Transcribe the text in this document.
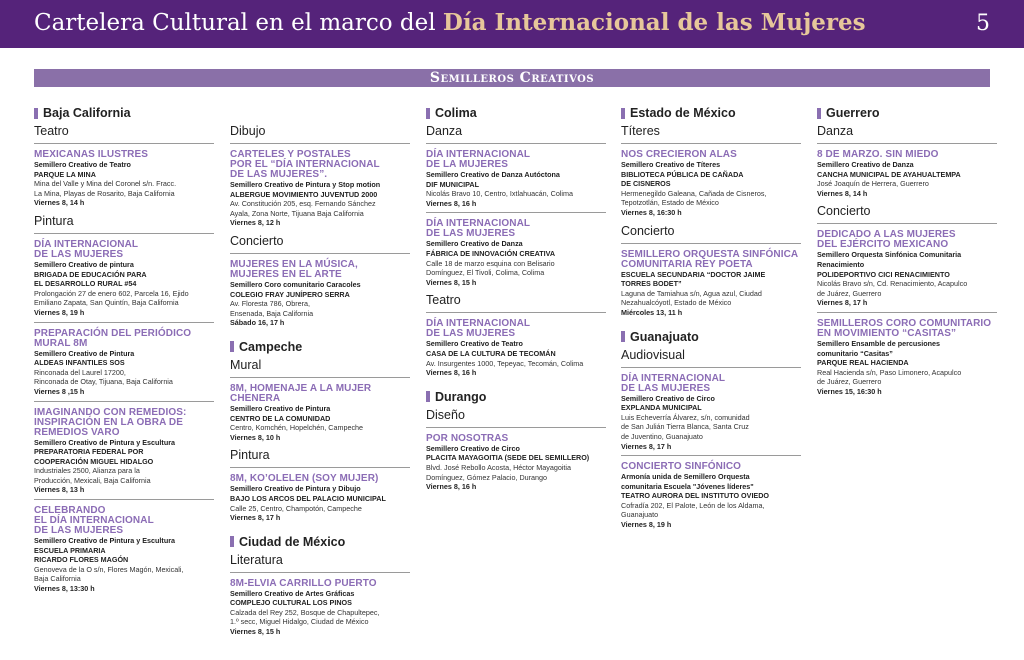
Cartelera Cultural en el marco del Día Internacional de las Mujeres	5
Semilleros Creativos
Baja California
Teatro
MEXICANAS ILUSTRES
Semillero Creativo de Teatro
PARQUE LA MINA
Mina del Valle y Mina del Coronel s/n. Fracc.
La Mina, Playas de Rosarito, Baja California
Viernes 8, 14 h
Pintura
DÍA INTERNACIONAL
DE LAS MUJERES
Semillero Creativo de pintura
BRIGADA DE EDUCACIÓN PARA
EL DESARROLLO RURAL #54
Prolongación 27 de enero 602, Parcela 16, Ejido
Emiliano Zapata, San Quintín, Baja California
Viernes 8, 19 h
PREPARACIÓN DEL PERIÓDICO
MURAL 8M
Semillero Creativo de Pintura
ALDEAS INFANTILES SOS
Rinconada del Laurel 17200,
Rinconada de Otay, Tijuana, Baja California
Viernes 8 ,15 h
IMAGINANDO CON REMEDIOS:
INSPIRACIÓN EN LA OBRA DE
REMEDIOS VARO
Semillero Creativo de Pintura y Escultura
PREPARATORIA FEDERAL POR
COOPERACIÓN MIGUEL HIDALGO
Industriales 2500, Alianza para la
Producción, Mexicali, Baja California
Viernes 8, 13 h
CELEBRANDO
EL DÍA INTERNACIONAL
DE LAS MUJERES
Semillero Creativo de Pintura y Escultura
ESCUELA PRIMARIA
RICARDO FLORES MAGÓN
Genoveva de la O s/n, Flores Magón, Mexicali,
Baja California
Viernes 8, 13:30 h
Dibujo
CARTELES Y POSTALES
POR EL “DÍA INTERNACIONAL
DE LAS MUJERES”.
Semillero Creativo de Pintura y Stop motion
ALBERGUE MOVIMIENTO JUVENTUD 2000
Av. Constitución 205, esq. Fernando Sánchez
Ayala, Zona Norte, Tijuana Baja California
Viernes 8, 12 h
Concierto
MUJERES EN LA MÚSICA,
MUJERES EN EL ARTE
Semillero Coro comunitario Caracoles
COLEGIO FRAY JUNÍPERO SERRA
Av. Floresta 786, Obrera,
Ensenada, Baja California
Sábado 16, 17 h
Campeche
Mural
8M, HOMENAJE A LA MUJER
CHENERA
Semillero Creativo de Pintura
CENTRO DE LA COMUNIDAD
Centro, Komchén, Hopelchén, Campeche
Viernes 8, 10 h
Pintura
8M, KO’OLELEN (SOY MUJER)
Semillero Creativo de Pintura y Dibujo
BAJO LOS ARCOS DEL PALACIO MUNICIPAL
Calle 25, Centro, Champotón, Campeche
Viernes 8, 17 h
Ciudad de México
Literatura
8M-ELVIA CARRILLO PUERTO
Semillero Creativo de Artes Gráficas
COMPLEJO CULTURAL LOS PINOS
Calzada del Rey 252, Bosque de Chapultepec,
1.º secc, Miguel Hidalgo, Ciudad de México
Viernes 8, 15 h
Colima
Danza
DÍA INTERNACIONAL
DE LA MUJERES
Semillero Creativo de Danza Autóctona
DIF MUNICIPAL
Nicolás Bravo 10, Centro, Ixtlahuacán, Colima
Viernes 8, 16 h
DÍA INTERNACIONAL
DE LAS MUJERES
Semillero Creativo de Danza
FÁBRICA DE INNOVACIÓN CREATIVA
Calle 18 de marzo esquina con Belisario
Domínguez, El Tivoli, Colima, Colima
Viernes 8, 15 h
Teatro
DÍA INTERNACIONAL
DE LAS MUJERES
Semillero Creativo de Teatro
CASA DE LA CULTURA DE TECOMÁN
Av. Insurgentes 1000, Tepeyac, Tecomán, Colima
Viernes 8, 16 h
Durango
Diseño
POR NOSOTRAS
Semillero Creativo de Circo
PLACITA MAYAGOITIA (SEDE DEL SEMILLERO)
Blvd. José Rebollo Acosta, Héctor Mayagoitia
Domínguez, Gómez Palacio, Durango
Viernes 8, 16 h
Estado de México
Títeres
NOS CRECIERON ALAS
Semillero Creativo de Títeres
BIBLIOTECA PÚBLICA DE CAÑADA
DE CISNEROS
Hermenegildo Galeana, Cañada de Cisneros,
Tepotzotlán, Estado de México
Viernes 8, 16:30 h
Concierto
SEMILLERO ORQUESTA SINFÓNICA
COMUNITARIA REY POETA
ESCUELA SECUNDARIA “DOCTOR JAIME
TORRES BODET”
Laguna de Tamiahua s/n, Agua azul, Ciudad
Nezahualcóyotl, Estado de México
Miércoles 13, 11 h
Guanajuato
Audiovisual
DÍA INTERNACIONAL
DE LAS MUJERES
Semillero Creativo de Circo
EXPLANDA MUNICIPAL
Luis Echeverría Álvarez, s/n, comunidad
de San Julián Tierra Blanca, Santa Cruz
de Juventino, Guanajuato
Viernes 8, 17 h
CONCIERTO SINFÓNICO
Armonía unida de Semillero Orquesta
comunitaria Escuela "Jóvenes líderes"
TEATRO AURORA DEL INSTITUTO OVIEDO
Cofradía 202, El Palote, León de los Aldama,
Guanajuato
Viernes 8, 19 h
Guerrero
Danza
8 DE MARZO. SIN MIEDO
Semillero Creativo de Danza
CANCHA MUNICIPAL DE AYAHUALTEMPA
José Joaquín de Herrera, Guerrero
Viernes 8, 14 h
Concierto
DEDICADO A LAS MUJERES
DEL EJÉRCITO MEXICANO
Semillero Orquesta Sinfónica Comunitaria
Renacimiento
POLIDEPORTIVO CICI RENACIMIENTO
Nicolás Bravo s/n, Cd. Renacimiento, Acapulco
de Juárez, Guerrero
Viernes 8, 17 h
SEMILLEROS CORO COMUNITARIO
EN MOVIMIENTO “CASITAS”
Semillero Ensamble de percusiones
comunitario “Casitas”
PARQUE REAL HACIENDA
Real Hacienda s/n, Paso Limonero, Acapulco
de Juárez, Guerrero
Viernes 15, 16:30 h
